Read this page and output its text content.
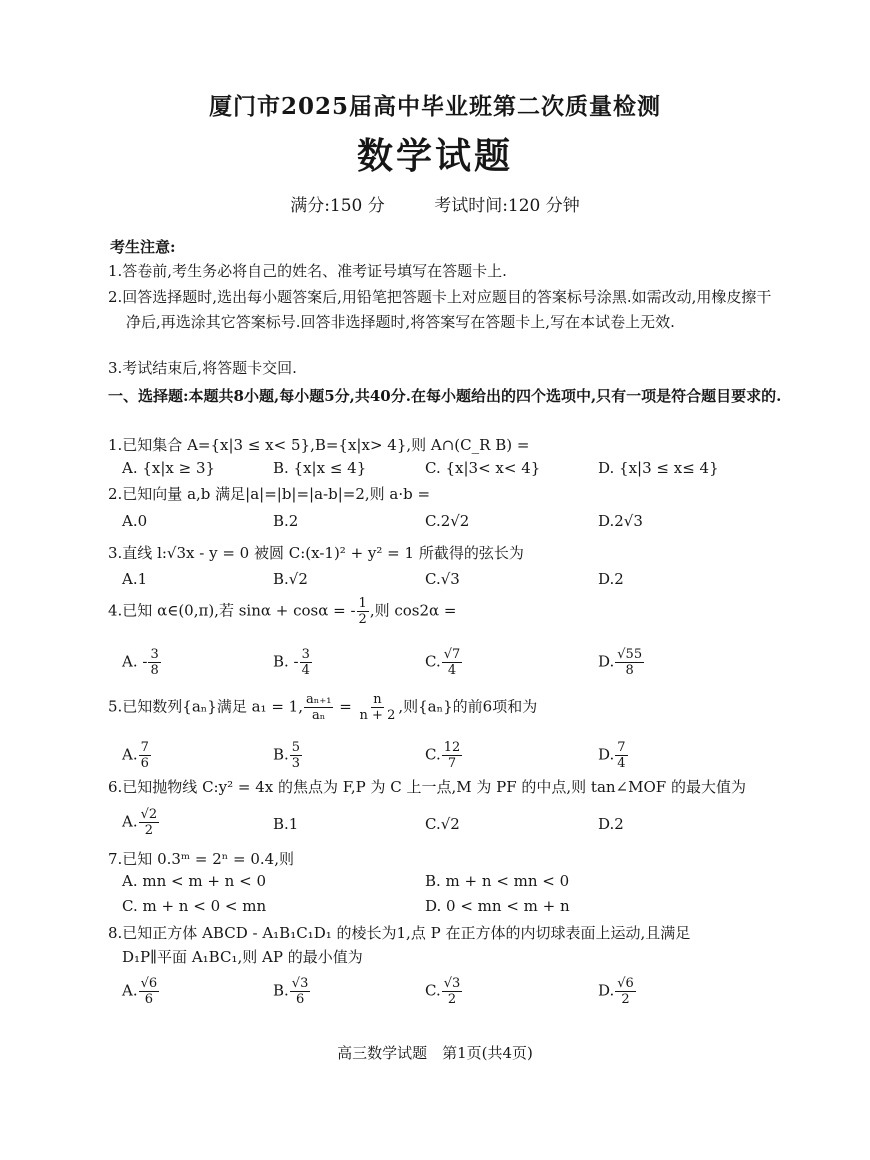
厦门市2025届高中毕业班第二次质量检测
数学试题
满分:150 分	考试时间:120 分钟
考生注意:
1.答卷前,考生务必将自己的姓名、准考证号填写在答题卡上.
2.回答选择题时,选出每小题答案后,用铅笔把答题卡上对应题目的答案标号涂黑.如需改动,用橡皮擦干净后,再选涂其它答案标号.回答非选择题时,将答案写在答题卡上,写在本试卷上无效.
3.考试结束后,将答题卡交回.
一、选择题:本题共8小题,每小题5分,共40分.在每小题给出的四个选项中,只有一项是符合题目要求的.
1.已知集合 A={x|3 ≤ x< 5},B={x|x> 4},则 A∩(C_R B) =
A. {x|x ≥ 3}	B. {x|x ≤ 4}	C. {x|3< x< 4}	D. {x|3 ≤ x≤ 4}
2.已知向量 a,b 满足|a|=|b|=|a-b|=2,则 a·b =
A.0	B.2	C.2√2	D.2√3
3.直线 l:√3x - y = 0 被圆 C:(x-1)² + y² = 1 所截得的弦长为
A.1	B.√2	C.√3	D.2
4.已知 α∈(0,π),若 sinα + cosα = - $\frac{1}{2}$ ,则 cos2α =
A. - $\frac{3}{8}$	B. - $\frac{3}{4}$	C. $\frac{√7}{4}$	D. $\frac{√55}{8}$
5.已知数列{aₙ}满足 a₁ = 1, $\frac{\text{aₙ₊₁}}{\text{aₙ}} = \frac{n}{n + 2}$ ,则{aₙ}的前6项和为
A. $\frac{7}{6}$	B. $\frac{5}{3}$	C. $\frac{12}{7}$	D. $\frac{7}{4}$
6.已知抛物线 C:y² = 4x 的焦点为 F,P 为 C 上一点,M 为 PF 的中点,则 tan∠MOF 的最大值为
A. $\frac{√2}{2}$	B.1	C.√2	D.2
7.已知 0.3ᵐ = 2ⁿ = 0.4,则
A. mn < m + n < 0	B. m + n < mn < 0
C. m + n < 0 < mn	D. 0 < mn < m + n
8.已知正方体 ABCD - A₁B₁C₁D₁ 的棱长为1,点 P 在正方体的内切球表面上运动,且满足
D₁P∥平面 A₁BC₁,则 AP 的最小值为
A. $\frac{√6}{6}$	B. $\frac{√3}{6}$	C. $\frac{√3}{2}$	D. $\frac{√6}{2}$
高三数学试题　第1页(共4页)
